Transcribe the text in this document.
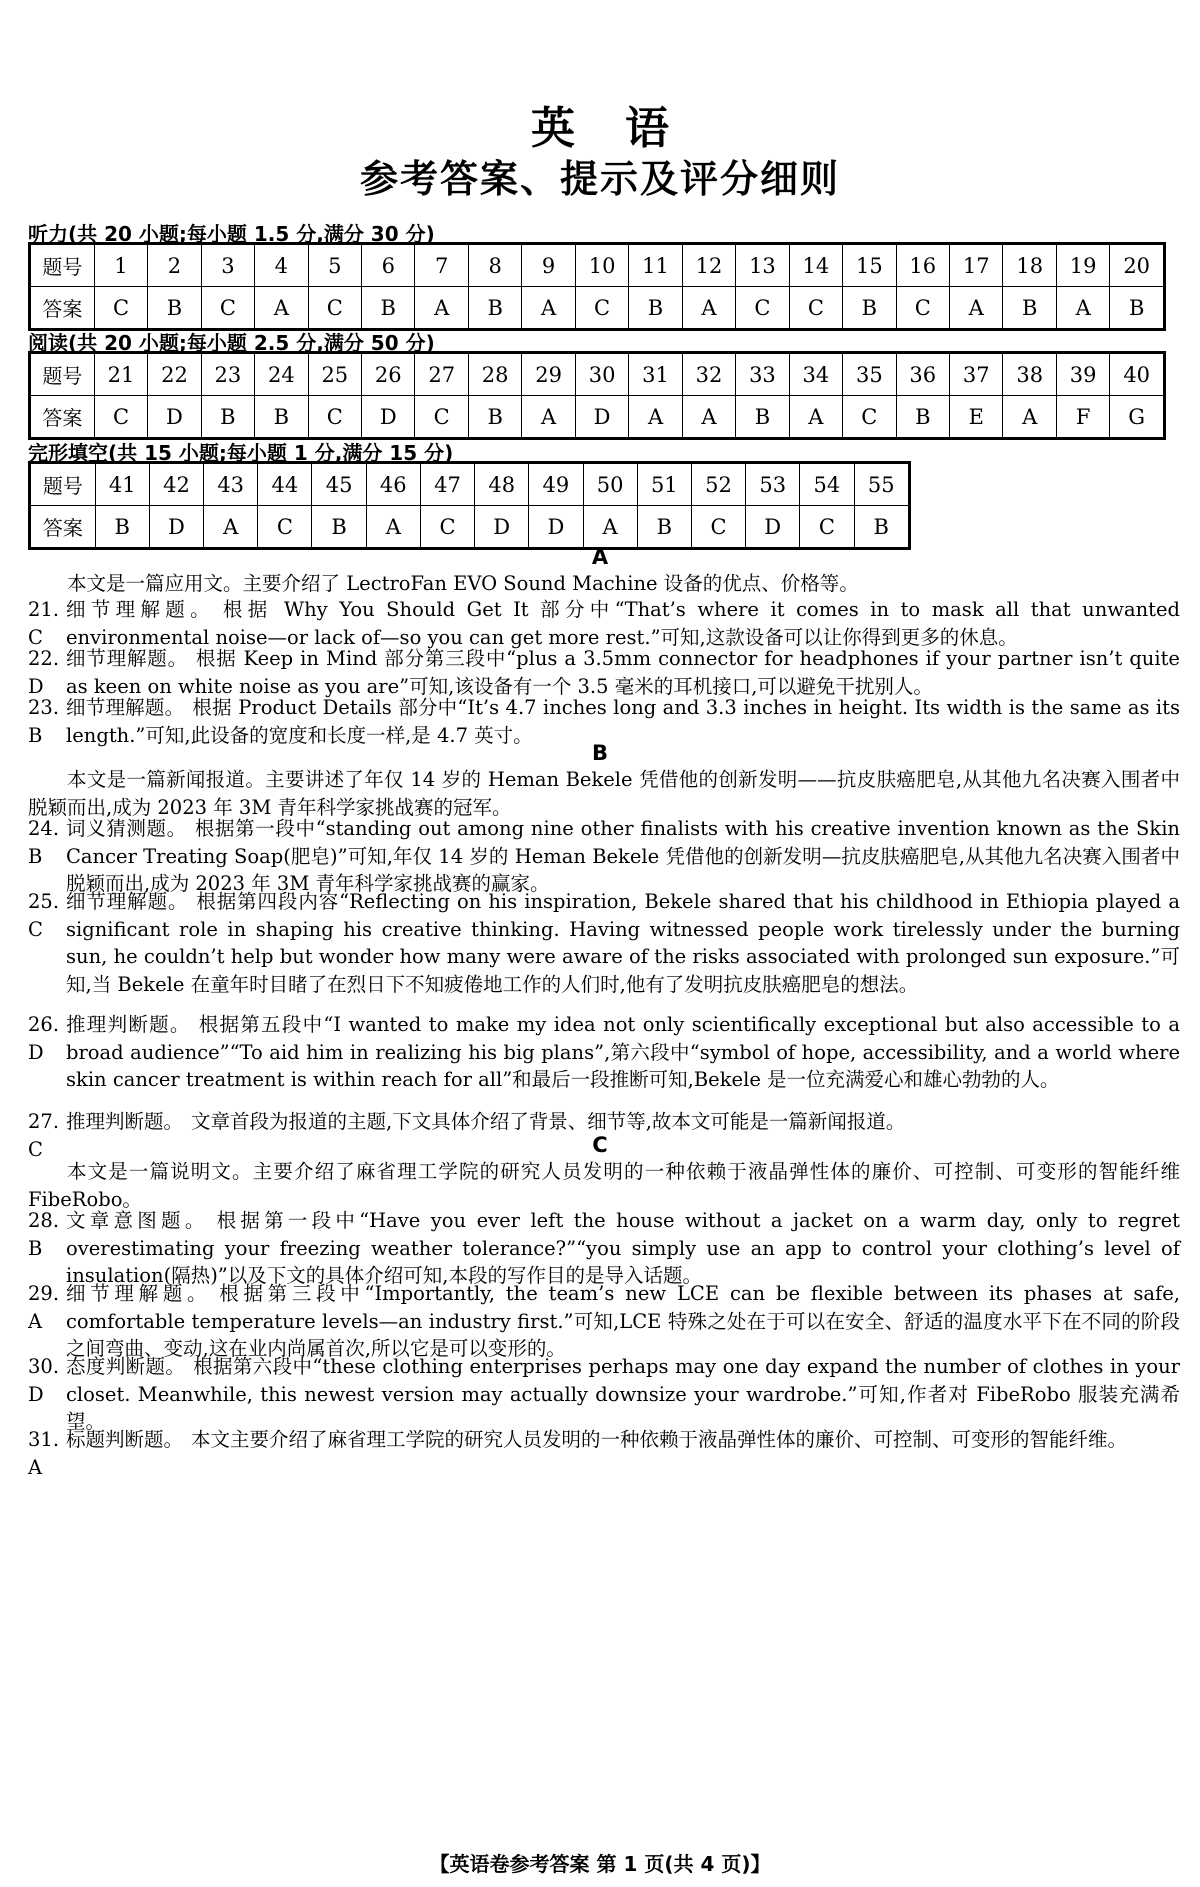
英语
参考答案、提示及评分细则
听力(共 20 小题;每小题 1.5 分,满分 30 分)
题号	1	2	3	4	5	6	7	8	9	10	11	12	13	14	15	16	17	18	19	20
答案	C	B	C	A	C	B	A	B	A	C	B	A	C	C	B	C	A	B	A	B
阅读(共 20 小题;每小题 2.5 分,满分 50 分)
题号	21	22	23	24	25	26	27	28	29	30	31	32	33	34	35	36	37	38	39	40
答案	C	D	B	B	C	D	C	B	A	D	A	A	B	A	C	B	E	A	F	G
完形填空(共 15 小题;每小题 1 分,满分 15 分)
题号	41	42	43	44	45	46	47	48	49	50	51	52	53	54	55
答案	B	D	A	C	B	A	C	D	D	A	B	C	D	C	B
A
本文是一篇应用文。主要介绍了 LectroFan EVO Sound Machine 设备的优点、价格等。
21. C
细节理解题。 根据 Why You Should Get It 部分中“That’s where it comes in to mask all that unwanted environmental noise—or lack of—so you can get more rest.”可知,这款设备可以让你得到更多的休息。
22. D
细节理解题。 根据 Keep in Mind 部分第三段中“plus a 3.5mm connector for headphones if your partner isn’t quite as keen on white noise as you are”可知,该设备有一个 3.5 毫米的耳机接口,可以避免干扰别人。
23. B
细节理解题。 根据 Product Details 部分中“It’s 4.7 inches long and 3.3 inches in height. Its width is the same as its length.”可知,此设备的宽度和长度一样,是 4.7 英寸。
B
本文是一篇新闻报道。主要讲述了年仅 14 岁的 Heman Bekele 凭借他的创新发明——抗皮肤癌肥皂,从其他九名决赛入围者中脱颖而出,成为 2023 年 3M 青年科学家挑战赛的冠军。
24. B
词义猜测题。 根据第一段中“standing out among nine other finalists with his creative invention known as the Skin Cancer Treating Soap(肥皂)”可知,年仅 14 岁的 Heman Bekele 凭借他的创新发明—抗皮肤癌肥皂,从其他九名决赛入围者中脱颖而出,成为 2023 年 3M 青年科学家挑战赛的赢家。
25. C
细节理解题。 根据第四段内容“Reflecting on his inspiration, Bekele shared that his childhood in Ethiopia played a significant role in shaping his creative thinking. Having witnessed people work tirelessly under the burning sun, he couldn’t help but wonder how many were aware of the risks associated with prolonged sun exposure.”可知,当 Bekele 在童年时目睹了在烈日下不知疲倦地工作的人们时,他有了发明抗皮肤癌肥皂的想法。
26. D
推理判断题。 根据第五段中“I wanted to make my idea not only scientifically exceptional but also accessible to a broad audience”“To aid him in realizing his big plans”,第六段中“symbol of hope, accessibility, and a world where skin cancer treatment is within reach for all”和最后一段推断可知,Bekele 是一位充满爱心和雄心勃勃的人。
27. C
推理判断题。 文章首段为报道的主题,下文具体介绍了背景、细节等,故本文可能是一篇新闻报道。
C
本文是一篇说明文。主要介绍了麻省理工学院的研究人员发明的一种依赖于液晶弹性体的廉价、可控制、可变形的智能纤维 FibeRobo。
28. B
文章意图题。 根据第一段中“Have you ever left the house without a jacket on a warm day, only to regret overestimating your freezing weather tolerance?”“you simply use an app to control your clothing’s level of insulation(隔热)”以及下文的具体介绍可知,本段的写作目的是导入话题。
29. A
细节理解题。 根据第三段中“Importantly, the team’s new LCE can be flexible between its phases at safe, comfortable temperature levels—an industry first.”可知,LCE 特殊之处在于可以在安全、舒适的温度水平下在不同的阶段之间弯曲、变动,这在业内尚属首次,所以它是可以变形的。
30. D
态度判断题。 根据第六段中“these clothing enterprises perhaps may one day expand the number of clothes in your closet. Meanwhile, this newest version may actually downsize your wardrobe.”可知,作者对 FibeRobo 服装充满希望。
31. A
标题判断题。 本文主要介绍了麻省理工学院的研究人员发明的一种依赖于液晶弹性体的廉价、可控制、可变形的智能纤维。
【英语卷参考答案 第 1 页(共 4 页)】
